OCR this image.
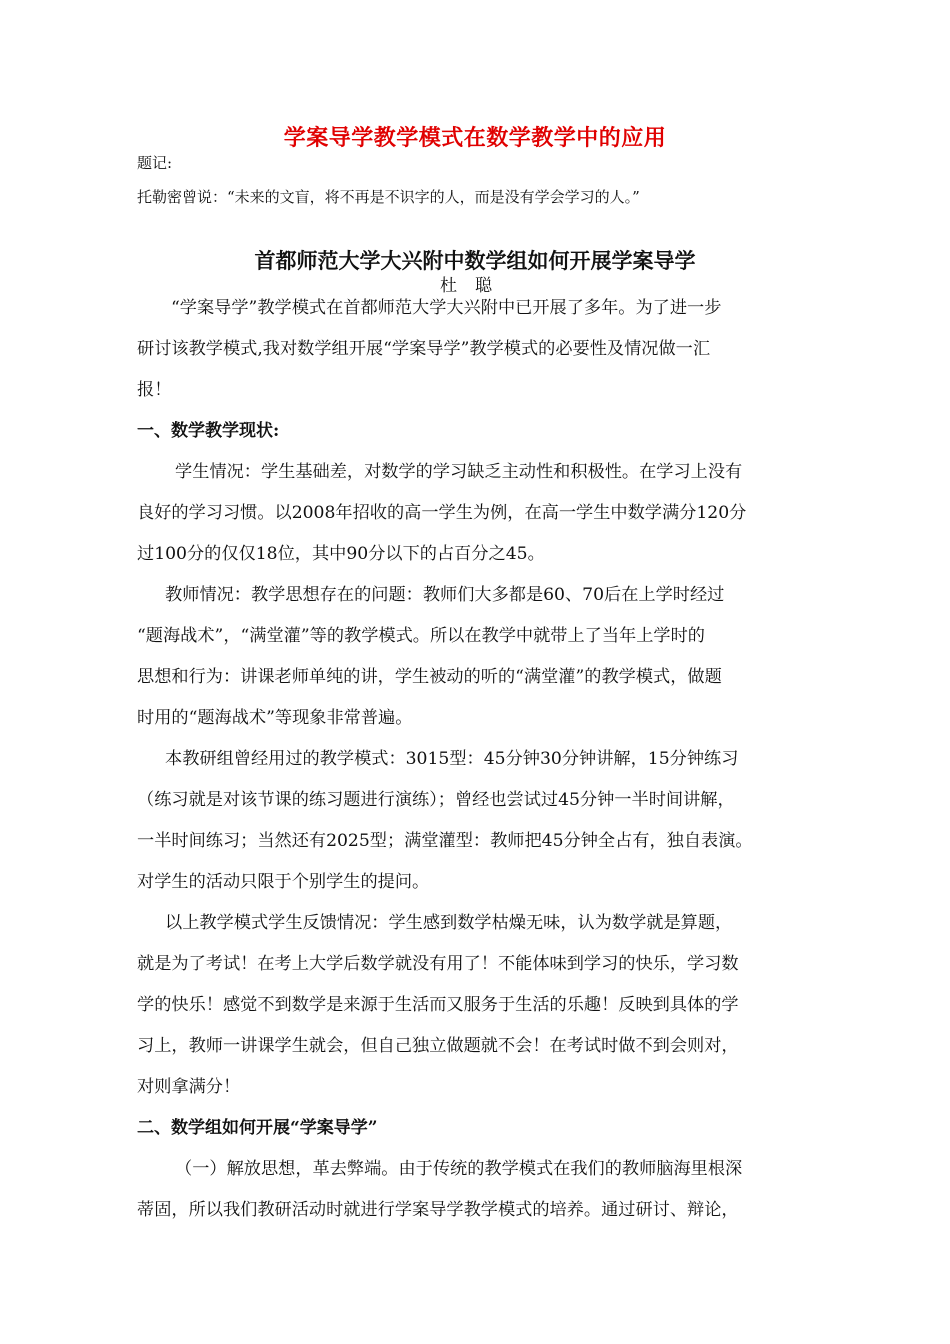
学案导学教学模式在数学教学中的应用
题记:
托勒密曾说：“未来的文盲，将不再是不识字的人，而是没有学会学习的人。”
首都师范大学大兴附中数学组如何开展学案导学
杜聪

“学案导学”教学模式在首都师范大学大兴附中已开展了多年。为了进一步

研讨该教学模式,我对数学组开展“学案导学”教学模式的必要性及情况做一汇

报！

一、数学教学现状:

学生情况：学生基础差，对数学的学习缺乏主动性和积极性。在学习上没有

良好的学习习惯。以2008年招收的高一学生为例，在高一学生中数学满分120分

过100分的仅仅18位，其中90分以下的占百分之45。

教师情况：教学思想存在的问题：教师们大多都是60、70后在上学时经过

“题海战术”，“满堂灌”等的教学模式。所以在教学中就带上了当年上学时的

思想和行为：讲课老师单纯的讲，学生被动的听的“满堂灌”的教学模式，做题

时用的“题海战术”等现象非常普遍。

本教研组曾经用过的教学模式：3015型：45分钟30分钟讲解，15分钟练习

（练习就是对该节课的练习题进行演练）；曾经也尝试过45分钟一半时间讲解，

一半时间练习；当然还有2025型；满堂灌型：教师把45分钟全占有，独自表演。

对学生的活动只限于个别学生的提问。

以上教学模式学生反馈情况：学生感到数学枯燥无味，认为数学就是算题，

就是为了考试！在考上大学后数学就没有用了！不能体味到学习的快乐，学习数

学的快乐！感觉不到数学是来源于生活而又服务于生活的乐趣！反映到具体的学

习上，教师一讲课学生就会，但自己独立做题就不会！在考试时做不到会则对，

对则拿满分！

二、数学组如何开展“学案导学”

（一）解放思想，革去弊端。由于传统的教学模式在我们的教师脑海里根深

蒂固，所以我们教研活动时就进行学案导学教学模式的培养。通过研讨、辩论，
